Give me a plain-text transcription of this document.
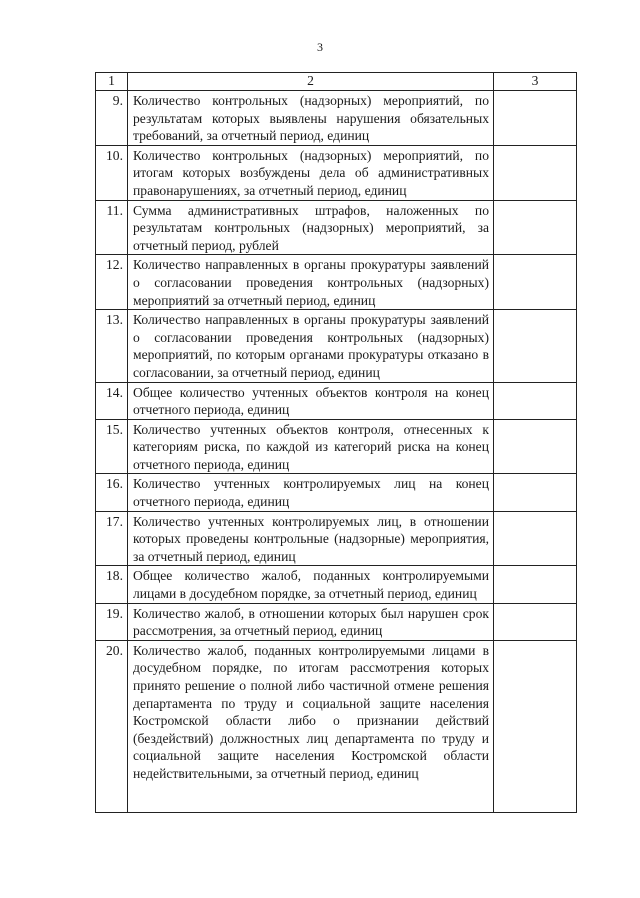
3
1	2	3
9.	Количество контрольных (надзорных) мероприятий, по результатам которых выявлены нарушения обязательных требований, за отчетный период, единиц	
10.	Количество контрольных (надзорных) мероприятий, по итогам которых возбуждены дела об административных правонарушениях, за отчетный период, единиц	
11.	Сумма административных штрафов, наложенных по результатам контрольных (надзорных) мероприятий, за отчетный период, рублей	
12.	Количество направленных в органы прокуратуры заявлений о согласовании проведения контрольных (надзорных) мероприятий за отчетный период, единиц	
13.	Количество направленных в органы прокуратуры заявлений о согласовании проведения контрольных (надзорных) мероприятий, по которым органами прокуратуры отказано в согласовании, за отчетный период, единиц	
14.	Общее количество учтенных объектов контроля на конец отчетного периода, единиц	
15.	Количество учтенных объектов контроля, отнесенных к категориям риска, по каждой из категорий риска на конец отчетного периода, единиц	
16.	Количество учтенных контролируемых лиц на конец отчетного периода, единиц	
17.	Количество учтенных контролируемых лиц, в отношении которых проведены контрольные (надзорные) мероприятия, за отчетный период, единиц	
18.	Общее количество жалоб, поданных контролируемыми лицами в досудебном порядке, за отчетный период, единиц	
19.	Количество жалоб, в отношении которых был нарушен срок рассмотрения, за отчетный период, единиц	
20.	Количество жалоб, поданных контролируемыми лицами в досудебном порядке, по итогам рассмотрения которых принято решение о полной либо частичной отмене решения департамента по труду и социальной защите населения Костромской области либо о признании действий (бездействий) должностных лиц департамента по труду и социальной защите населения Костромской области недействительными, за отчетный период, единиц	
